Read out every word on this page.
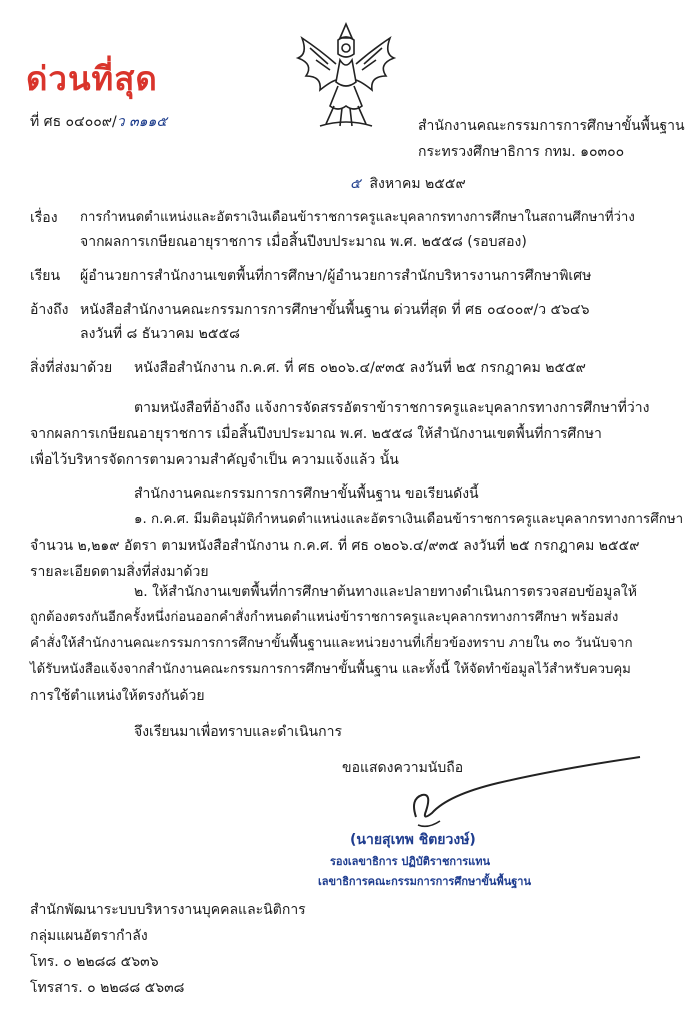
ด่วนที่สุด
ที่ ศธ ๐๔๐๐๙/ว ๓๑๑๕	สำนักงานคณะกรรมการการศึกษาขั้นพื้นฐาน
กระทรวงศึกษาธิการ กทม. ๑๐๓๐๐
๕ สิงหาคม ๒๕๕๙
เรื่อง การกำหนดตำแหน่งและอัตราเงินเดือนข้าราชการครูและบุคลากรทางการศึกษาในสถานศึกษาที่ว่าง
จากผลการเกษียณอายุราชการ เมื่อสิ้นปีงบประมาณ พ.ศ. ๒๕๕๘ (รอบสอง)
เรียน ผู้อำนวยการสำนักงานเขตพื้นที่การศึกษา/ผู้อำนวยการสำนักบริหารงานการศึกษาพิเศษ
อ้างถึง หนังสือสำนักงานคณะกรรมการการศึกษาขั้นพื้นฐาน ด่วนที่สุด ที่ ศธ ๐๔๐๐๙/ว ๕๖๔๖
ลงวันที่ ๘ ธันวาคม ๒๕๕๘
สิ่งที่ส่งมาด้วย หนังสือสำนักงาน ก.ค.ศ. ที่ ศธ ๐๒๐๖.๔/๙๓๕ ลงวันที่ ๒๕ กรกฎาคม ๒๕๕๙
ตามหนังสือที่อ้างถึง แจ้งการจัดสรรอัตราข้าราชการครูและบุคลากรทางการศึกษาที่ว่าง
จากผลการเกษียณอายุราชการ เมื่อสิ้นปีงบประมาณ พ.ศ. ๒๕๕๘ ให้สำนักงานเขตพื้นที่การศึกษา
เพื่อไว้บริหารจัดการตามความสำคัญจำเป็น ความแจ้งแล้ว นั้น
สำนักงานคณะกรรมการการศึกษาขั้นพื้นฐาน ขอเรียนดังนี้
๑. ก.ค.ศ. มีมติอนุมัติกำหนดตำแหน่งและอัตราเงินเดือนข้าราชการครูและบุคลากรทางการศึกษา
จำนวน ๒,๒๑๙ อัตรา ตามหนังสือสำนักงาน ก.ค.ศ. ที่ ศธ ๐๒๐๖.๔/๙๓๕ ลงวันที่ ๒๕ กรกฎาคม ๒๕๕๙
รายละเอียดตามสิ่งที่ส่งมาด้วย
๒. ให้สำนักงานเขตพื้นที่การศึกษาต้นทางและปลายทางดำเนินการตรวจสอบข้อมูลให้
ถูกต้องตรงกันอีกครั้งหนึ่งก่อนออกคำสั่งกำหนดตำแหน่งข้าราชการครูและบุคลากรทางการศึกษา พร้อมส่ง
คำสั่งให้สำนักงานคณะกรรมการการศึกษาขั้นพื้นฐานและหน่วยงานที่เกี่ยวข้องทราบ ภายใน ๓๐ วันนับจาก
ได้รับหนังสือแจ้งจากสำนักงานคณะกรรมการการศึกษาขั้นพื้นฐาน และทั้งนี้ ให้จัดทำข้อมูลไว้สำหรับควบคุม
การใช้ตำแหน่งให้ตรงกันด้วย
จึงเรียนมาเพื่อทราบและดำเนินการ
ขอแสดงความนับถือ
(นายสุเทพ ชิตยวงษ์)
รองเลขาธิการ ปฏิบัติราชการแทน
เลขาธิการคณะกรรมการการศึกษาขั้นพื้นฐาน
สำนักพัฒนาระบบบริหารงานบุคคลและนิติการ
กลุ่มแผนอัตรากำลัง
โทร. ๐ ๒๒๘๘ ๕๖๓๖
โทรสาร. ๐ ๒๒๘๘ ๕๖๓๘
